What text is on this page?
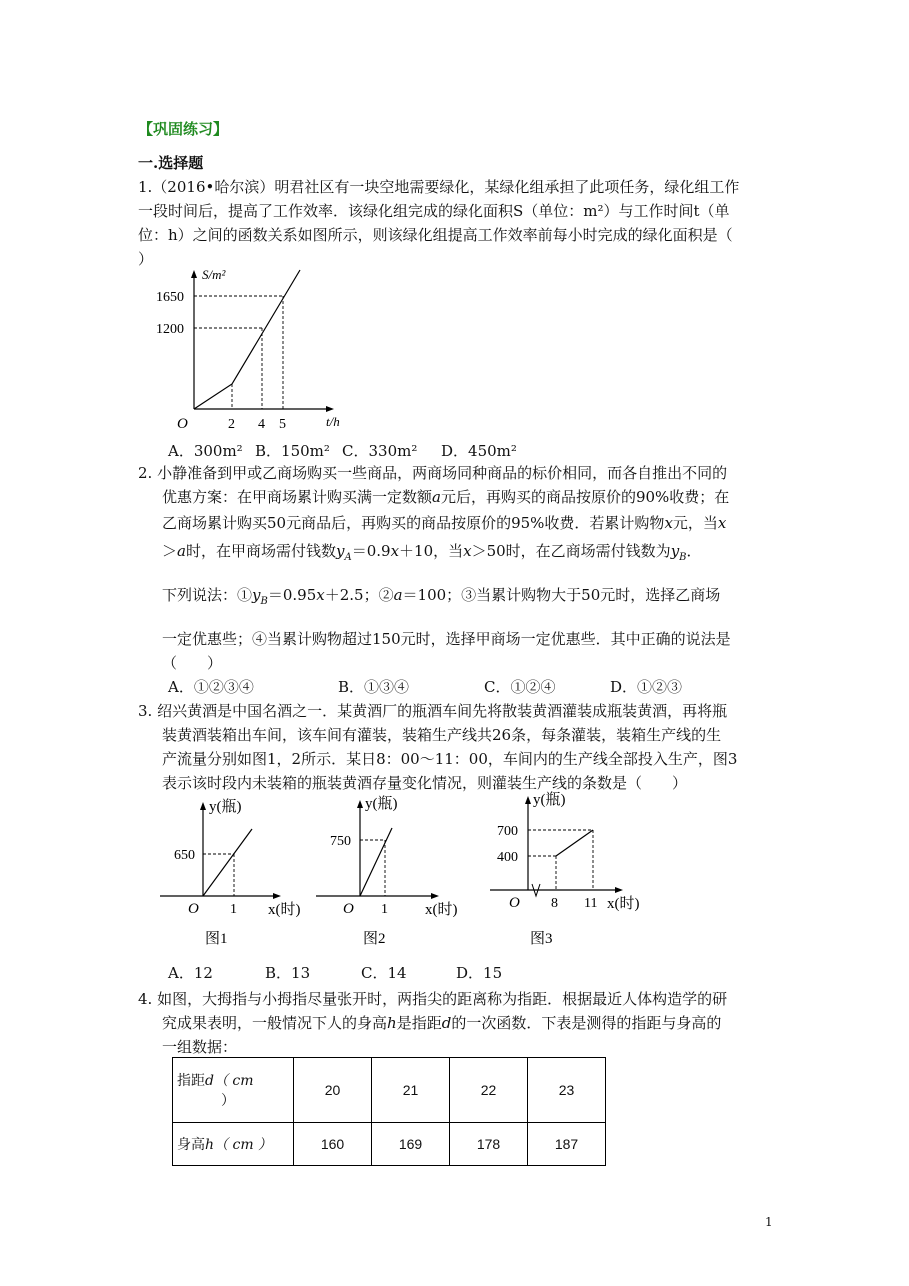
【巩固练习】
一.选择题
1.（2016•哈尔滨）明君社区有一块空地需要绿化，某绿化组承担了此项任务，绿化组工作
一段时间后，提高了工作效率．该绿化组完成的绿化面积S（单位：m²）与工作时间t（单
位：h）之间的函数关系如图所示，则该绿化组提高工作效率前每小时完成的绿化面积是（
）
1650
1200
S/m²
O	2 4 5	t/h
A．300m² B．150m² C．330m² D．450m²
2. 小静准备到甲或乙商场购买一些商品，两商场同种商品的标价相同，而各自推出不同的
优惠方案：在甲商场累计购买满一定数额a元后，再购买的商品按原价的90%收费；在
乙商场累计购买50元商品后，再购买的商品按原价的95%收费．若累计购物x元，当x
＞a时，在甲商场需付钱数$y_A=0.9x+10$，当x＞50时，在乙商场需付钱数为$y_B$．
下列说法：$①y_B=0.95x+2.5$；②a＝100；③当累计购物大于50元时，选择乙商场
一定优惠些；④当累计购物超过150元时，选择甲商场一定优惠些．其中正确的说法是
（　　）
A．①②③④	B．①③④	C．①②④	D．①②③
3. 绍兴黄酒是中国名酒之一．某黄酒厂的瓶酒车间先将散装黄酒灌装成瓶装黄酒，再将瓶
装黄酒装箱出车间，该车间有灌装，装箱生产线共26条，每条灌装，装箱生产线的生
产流量分别如图1，2所示．某日8：00～11：00，车间内的生产线全部投入生产，图3
表示该时段内未装箱的瓶装黄酒存量变化情况，则灌装生产线的条数是（　　）
y(瓶)
650
O 1 x(时)
图1
y(瓶)
750
O 1 x(时)
图2
y(瓶)
700
400
O 8 11 x(时)
图3
A．12	B．13	C．14	D．15
4. 如图，大拇指与小拇指尽量张开时，两指尖的距离称为指距．根据最近人体构造学的研
究成果表明，一般情况下人的身高h是指距d的一次函数．下表是测得的指距与身高的
一组数据：
指距d（ cm
）	20	21	22	23
身高h（ cm ）	160	169	178	187
1
